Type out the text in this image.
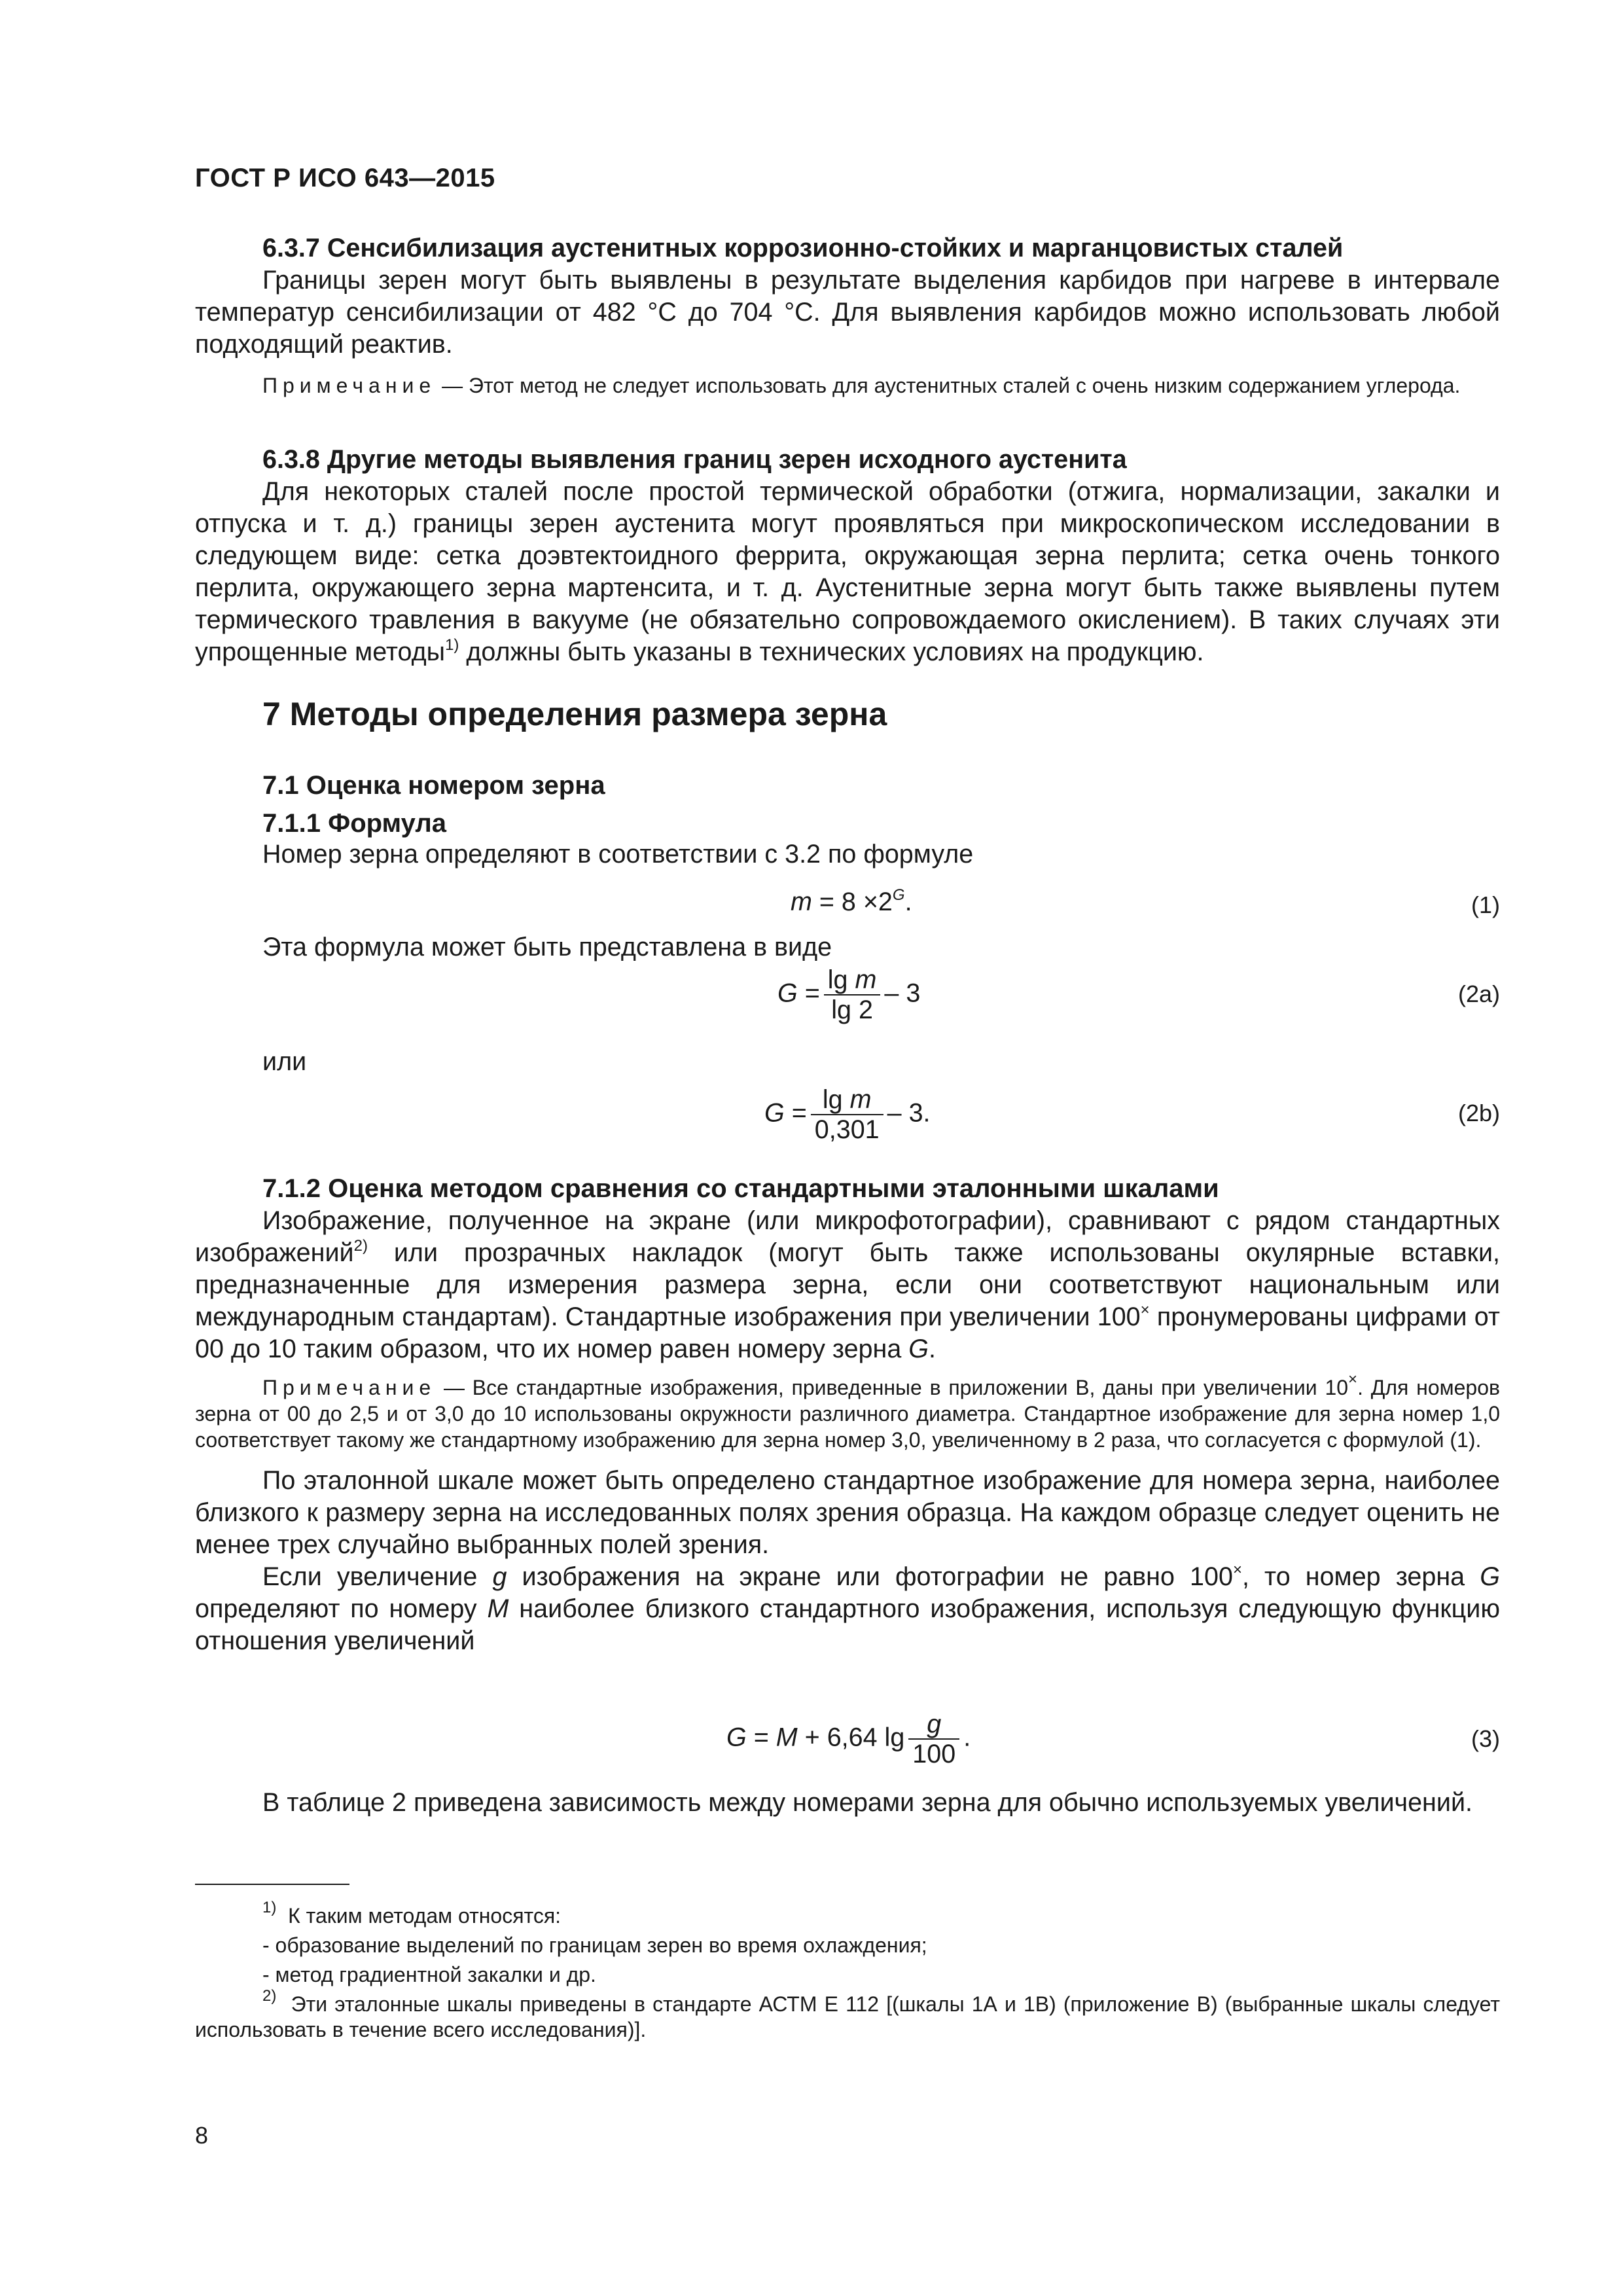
ГОСТ Р ИСО 643—2015

6.3.7 Сенсибилизация аустенитных коррозионно-стойких и марганцовистых сталей

Границы зерен могут быть выявлены в результате выделения карбидов при нагреве в интервале температур сенсибилизации от 482 °С до 704 °С. Для выявления карбидов можно использовать любой подходящий реактив.

Примечание — Этот метод не следует использовать для аустенитных сталей с очень низким содержанием углерода.

6.3.8 Другие методы выявления границ зерен исходного аустенита

Для некоторых сталей после простой термической обработки (отжига, нормализации, закалки и отпуска и т. д.) границы зерен аустенита могут проявляться при микроскопическом исследовании в следующем виде: сетка доэвтектоидного феррита, окружающая зерна перлита; сетка очень тонкого перлита, окружающего зерна мартенсита, и т. д. Аустенитные зерна могут быть также выявлены путем термического травления в вакууме (не обязательно сопровождаемого окислением). В таких случаях эти упрощенные методы$^{1)}$ должны быть указаны в технических условиях на продукцию.

7 Методы определения размера зерна

7.1 Оценка номером зерна

7.1.1 Формула

Номер зерна определяют в соответствии с 3.2 по формуле

$m = 8 \times 2^G$.	(1)

Эта формула может быть представлена в виде

$G = \frac{\text{lg m}}{\lg 2} - 3$	(2a)

или

$G = \frac{\text{lg m}}{0,301} - 3$.	(2b)

7.1.2 Оценка методом сравнения со стандартными эталонными шкалами

Изображение, полученное на экране (или микрофотографии), сравнивают с рядом стандартных изображений$^{2)}$ или прозрачных накладок (могут быть также использованы окулярные вставки, предназначенные для измерения размера зерна, если они соответствуют национальным или международным стандартам). Стандартные изображения при увеличении 100× пронумерованы цифрами от 00 до 10 таким образом, что их номер равен номеру зерна G.

Примечание — Все стандартные изображения, приведенные в приложении В, даны при увеличении 10×. Для номеров зерна от 00 до 2,5 и от 3,0 до 10 использованы окружности различного диаметра. Стандартное изображение для зерна номер 1,0 соответствует такому же стандартному изображению для зерна номер 3,0, увеличенному в 2 раза, что согласуется с формулой (1).

По эталонной шкале может быть определено стандартное изображение для номера зерна, наиболее близкого к размеру зерна на исследованных полях зрения образца. На каждом образце следует оценить не менее трех случайно выбранных полей зрения.

Если увеличение g изображения на экране или фотографии не равно 100×, то номер зерна G определяют по номеру M наиболее близкого стандартного изображения, используя следующую функцию отношения увеличений

G = M + 6,64 $\lg \frac{g}{100}$ .	(3)

В таблице 2 приведена зависимость между номерами зерна для обычно используемых увеличений.

$^{1)}$ К таким методам относятся:

- образование выделений по границам зерен во время охлаждения;

- метод градиентной закалки и др.

$^{2)}$ Эти эталонные шкалы приведены в стандарте АСТМ Е 112 [(шкалы 1А и 1В) (приложение В) (выбранные шкалы следует использовать в течение всего исследования)].

8
